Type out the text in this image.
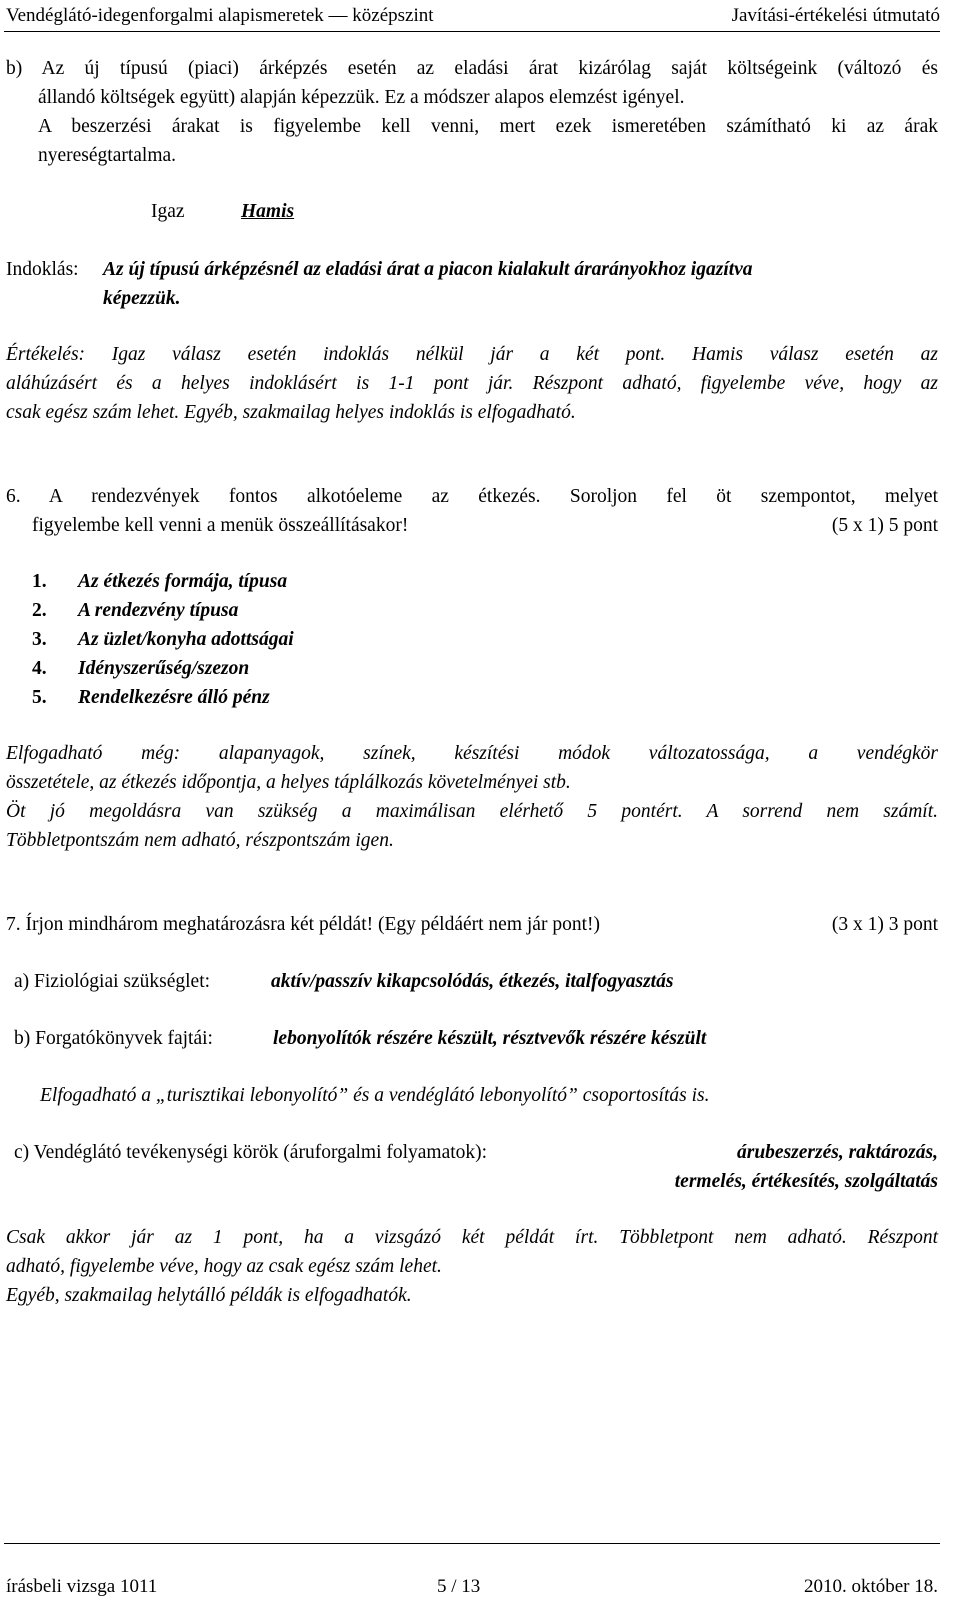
Vendéglátó-idegenforgalmi alapismeretek — középszint	Javítási-értékelési útmutató
b) Az új típusú (piaci) árképzés esetén az eladási árat kizárólag saját költségeink (változó és
állandó költségek együtt) alapján képezzük. Ez a módszer alapos elemzést igényel.
A beszerzési árakat is figyelembe kell venni, mert ezek ismeretében számítható ki az árak
nyereségtartalma.
Igaz	Hamis
Indoklás: Az új típusú árképzésnél az eladási árat a piacon kialakult árarányokhoz igazítva
képezzük.
Értékelés: Igaz válasz esetén indoklás nélkül jár a két pont. Hamis válasz esetén az
aláhúzásért és a helyes indoklásért is 1-1 pont jár. Részpont adható, figyelembe véve, hogy az
csak egész szám lehet. Egyéb, szakmailag helyes indoklás is elfogadható.
6. A rendezvények fontos alkotóeleme az étkezés. Soroljon fel öt szempontot, melyet
figyelembe kell venni a menük összeállításakor!	(5 x 1) 5 pont
1. Az étkezés formája, típusa
2. A rendezvény típusa
3. Az üzlet/konyha adottságai
4. Idényszerűség/szezon
5. Rendelkezésre álló pénz
Elfogadható még: alapanyagok, színek, készítési módok változatossága, a vendégkör
összetétele, az étkezés időpontja, a helyes táplálkozás követelményei stb.
Öt jó megoldásra van szükség a maximálisan elérhető 5 pontért. A sorrend nem számít.
Többletpontszám nem adható, részpontszám igen.
7. Írjon mindhárom meghatározásra két példát! (Egy példáért nem jár pont!)	(3 x 1) 3 pont
a) Fiziológiai szükséglet:	aktív/passzív kikapcsolódás, étkezés, italfogyasztás
b) Forgatókönyvek fajtái:	lebonyolítók részére készült, résztvevők részére készült
Elfogadható a „turisztikai lebonyolító” és a vendéglátó lebonyolító” csoportosítás is.
c) Vendéglátó tevékenységi körök (áruforgalmi folyamatok):	árubeszerzés, raktározás,
termelés, értékesítés, szolgáltatás
Csak akkor jár az 1 pont, ha a vizsgázó két példát írt. Többletpont nem adható. Részpont
adható, figyelembe véve, hogy az csak egész szám lehet.
Egyéb, szakmailag helytálló példák is elfogadhatók.
írásbeli vizsga 1011	5 / 13	2010. október 18.
